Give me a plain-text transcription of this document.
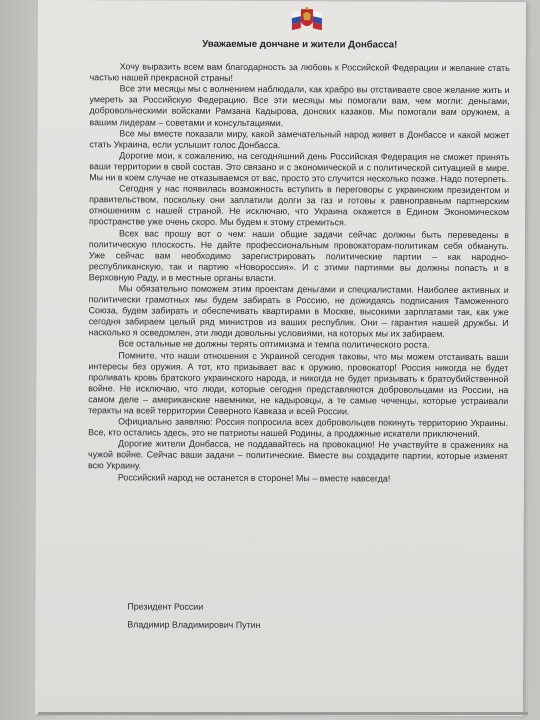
Уважаемые дончане и жители Донбасса!

Хочу выразить всем вам благодарность за любовь к Российской Федерации и желание стать частью нашей прекрасной страны!

Все эти месяцы мы с волнением наблюдали, как храбро вы отстаиваете свое желание жить и умереть за Российскую Федерацию. Все эти месяцы мы помогали вам, чем могли: деньгами, добровольческими войсками Рамзана Кадырова, донских казаков. Мы помогали вам оружием, а вашим лидерам – советами и консультациями.

Все мы вместе показали миру, какой замечательный народ живет в Донбассе и какой может стать Украина, если услышит голос Донбасса.

Дорогие мои, к сожалению, на сегодняшний день Российская Федерация не сможет принять ваши территории в свой состав. Это связано и с экономической и с политической ситуацией в мире. Мы ни в коем случае не отказываемся от вас, просто это случится несколько позже. Надо потерпеть.

Сегодня у нас появилась возможность вступить в переговоры с украинским президентом и правительством, поскольку они заплатили долги за газ и готовы к равноправным партнерским отношениям с нашей страной. Не исключаю, что Украина окажется в Едином Экономическом пространстве уже очень скоро. Мы будем к этому стремиться.

Всех вас прошу вот о чем: наши общие задачи сейчас должны быть переведены в политическую плоскость. Не дайте профессиональным провокаторам-политикам себя обмануть. Уже сейчас вам необходимо зарегистрировать политические партии – как народно-республиканскую, так и партию «Новороссия». И с этими партиями вы должны попасть и в Верховную Раду, и в местные органы власти.

Мы обязательно поможем этим проектам деньгами и специалистами. Наиболее активных и политически грамотных мы будем забирать в Россию, не дожидаясь подписания Таможенного Союза, будем забирать и обеспечивать квартирами в Москве, высокими зарплатами так, как уже сегодня забираем целый ряд министров из ваших республик. Они – гарантия нашей дружбы. И насколько я осведомлен, эти люди довольны условиями, на которых мы их забираем.

Все остальные не должны терять оптимизма и темпа политического роста.

Помните, что наши отношения с Украиной сегодня таковы, что мы можем отстаивать ваши интересы без оружия. А тот, кто призывает вас к оружию, провокатор! Россия никогда не будет проливать кровь братского украинского народа, и никогда не будет призывать к братоубийственной войне. Не исключаю, что люди, которые сегодня представляются добровольцами из России, на самом деле – американские наемники, не кадыровцы, а те самые чеченцы, которые устраивали теракты на всей территории Северного Кавказа и всей России.

Официально заявляю: Россия попросила всех добровольцев покинуть территорию Украины. Все, кто остались здесь, это не патриоты нашей Родины, а продажные искатели приключений.

Дорогие жители Донбасса, не поддавайтесь на провокацию! Не участвуйте в сражениях на чужой войне. Сейчас ваши задачи – политические. Вместе вы создадите партии, которые изменят всю Украину.

Российский народ не останется в стороне! Мы – вместе навсегда!

Президент России
Владимир Владимирович Путин
